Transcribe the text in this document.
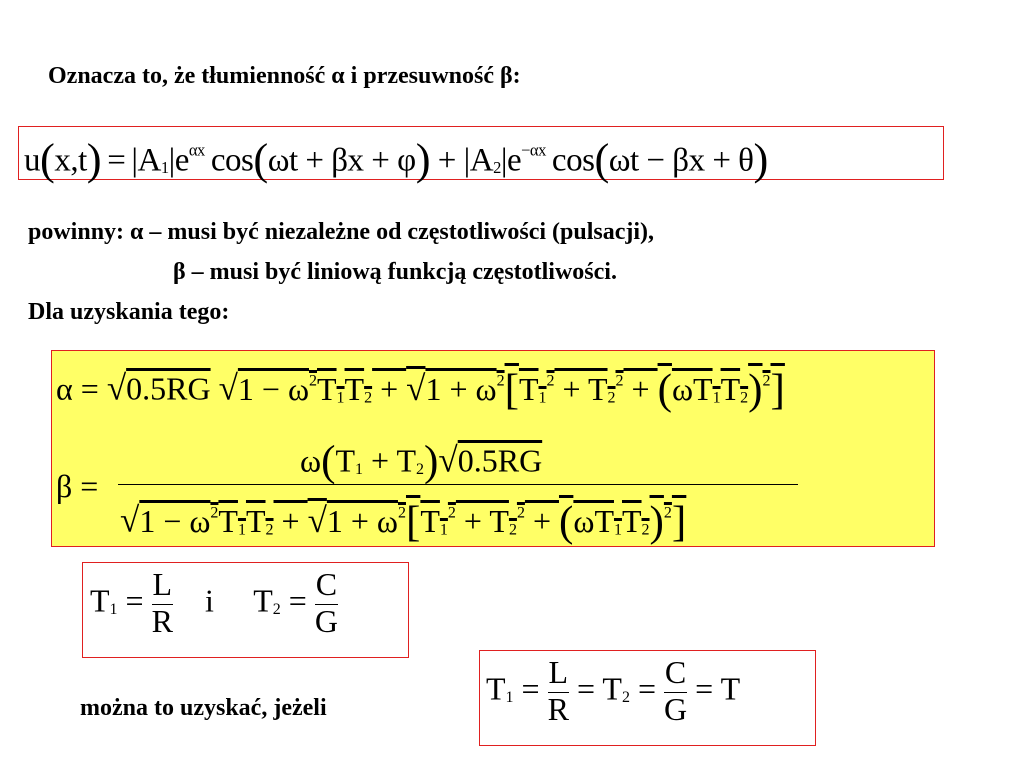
Oznacza to, że tłumienność α i przesuwność β:
$u(x,t) = |A_1|e^{\alpha x}$ $\cos(\omega t + \beta x + \varphi) + |A_2|e^{-\alpha x}$ cos(ωt − βx + θ)
powinny: α – musi być niezależne od częstotliwości (pulsacji),
β – musi być liniową funkcją częstotliwości.
Dla uzyskania tego:
α = √0.5RG $√1 - \omega^2T_1T_2 + √1 + \omega^2[T_1^2 + T_2^2 + (\omega T_1T_2)^2]$
β =
$\omega(T_1 + T_2)√0.5RG$
$√1 - \omega^2T_1T_2 + √1 + \omega^2[T_1^2 + T_2^2 + (\omega T_1T_2)^2]$
$T_1 = \frac{L}{R}$ i     $T_2 = \frac{C}{G}$
można to uzyskać, jeżeli
$T_1 = \frac{L}{R} = T_2 = \frac{C}{G} = T$
